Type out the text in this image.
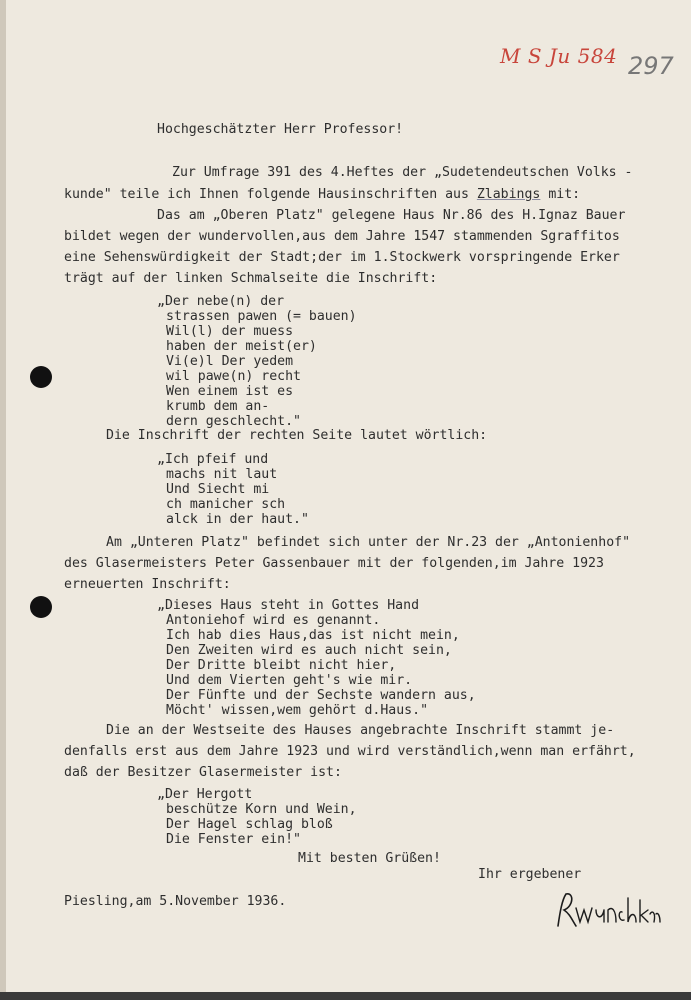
M S Ju 584 297
Hochgeschätzter Herr Professor!
Zur Umfrage 391 des 4.Heftes der „Sudetendeutschen Volks -
kunde" teile ich Ihnen folgende Hausinschriften aus Zlabings mit:
Das am „Oberen Platz" gelegene Haus Nr.86 des H.Ignaz Bauer
bildet wegen der wundervollen,aus dem Jahre 1547 stammenden Sgraffitos
eine Sehenswürdigkeit der Stadt;der im 1.Stockwerk vorspringende Erker
trägt auf der linken Schmalseite die Inschrift:
„Der nebe(n) der
strassen pawen (= bauen)
Wil(l) der muess
haben der meist(er)
Vi(e)l Der yedem
wil pawe(n) recht
Wen einem ist es
krumb dem an-
dern geschlecht."
Die Inschrift der rechten Seite lautet wörtlich:
„Ich pfeif und
machs nit laut
Und Siecht mi
ch manicher sch
alck in der haut."
Am „Unteren Platz" befindet sich unter der Nr.23 der „Antonienhof"
des Glasermeisters Peter Gassenbauer mit der folgenden,im Jahre 1923
erneuerten Inschrift:
„Dieses Haus steht in Gottes Hand
Antoniehof wird es genannt.
Ich hab dies Haus,das ist nicht mein,
Den Zweiten wird es auch nicht sein,
Der Dritte bleibt nicht hier,
Und dem Vierten geht's wie mir.
Der Fünfte und der Sechste wandern aus,
Möcht' wissen,wem gehört d.Haus."
Die an der Westseite des Hauses angebrachte Inschrift stammt je-
denfalls erst aus dem Jahre 1923 und wird verständlich,wenn man erfährt,
daß der Besitzer Glasermeister ist:
„Der Hergott
beschütze Korn und Wein,
Der Hagel schlag bloß
Die Fenster ein!"
Mit besten Grüßen!
Ihr ergebener
Piesling,am 5.November 1936.
